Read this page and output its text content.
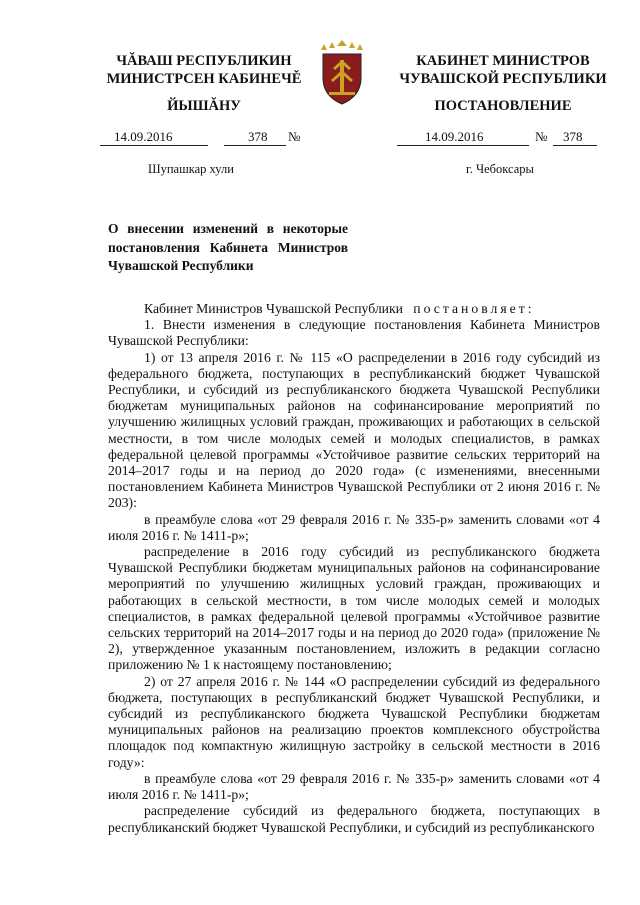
ЧĂВАШ РЕСПУБЛИКИН
МИНИСТРСЕН КАБИНЕЧĚ
КАБИНЕТ МИНИСТРОВ
ЧУВАШСКОЙ РЕСПУБЛИКИ
ЙЫШĂНУ	ПОСТАНОВЛЕНИЕ
14.09.2016	378 №	14.09.2016	№ 378
Шупашкар хули	г. Чебоксары
О внесении изменений в некоторые постановления Кабинета Министров Чувашской Республики

Кабинет Министров Чувашской Республики постановляет:

1. Внести изменения в следующие постановления Кабинета Министров Чувашской Республики:

1) от 13 апреля 2016 г. № 115 «О распределении в 2016 году субсидий из федерального бюджета, поступающих в республиканский бюджет Чувашской Республики, и субсидий из республиканского бюджета Чувашской Республики бюджетам муниципальных районов на софинансирование мероприятий по улучшению жилищных условий граждан, проживающих и работающих в сельской местности, в том числе молодых семей и молодых специалистов, в рамках федеральной целевой программы «Устойчивое развитие сельских территорий на 2014–2017 годы и на период до 2020 года» (с изменениями, внесенными постановлением Кабинета Министров Чувашской Республики от 2 июня 2016 г. № 203):

в преамбуле слова «от 29 февраля 2016 г. № 335-р» заменить словами «от 4 июля 2016 г. № 1411-р»;

распределение в 2016 году субсидий из республиканского бюджета Чувашской Республики бюджетам муниципальных районов на софинансирование мероприятий по улучшению жилищных условий граждан, проживающих и работающих в сельской местности, в том числе молодых семей и молодых специалистов, в рамках федеральной целевой программы «Устойчивое развитие сельских территорий на 2014–2017 годы и на период до 2020 года» (приложение № 2), утвержденное указанным постановлением, изложить в редакции согласно приложению № 1 к настоящему постановлению;

2) от 27 апреля 2016 г. № 144 «О распределении субсидий из федерального бюджета, поступающих в республиканский бюджет Чувашской Республики, и субсидий из республиканского бюджета Чувашской Республики бюджетам муниципальных районов на реализацию проектов комплексного обустройства площадок под компактную жилищную застройку в сельской местности в 2016 году»:

в преамбуле слова «от 29 февраля 2016 г. № 335-р» заменить словами «от 4 июля 2016 г. № 1411-р»;

распределение субсидий из федерального бюджета, поступающих в республиканский бюджет Чувашской Республики, и субсидий из республиканского
